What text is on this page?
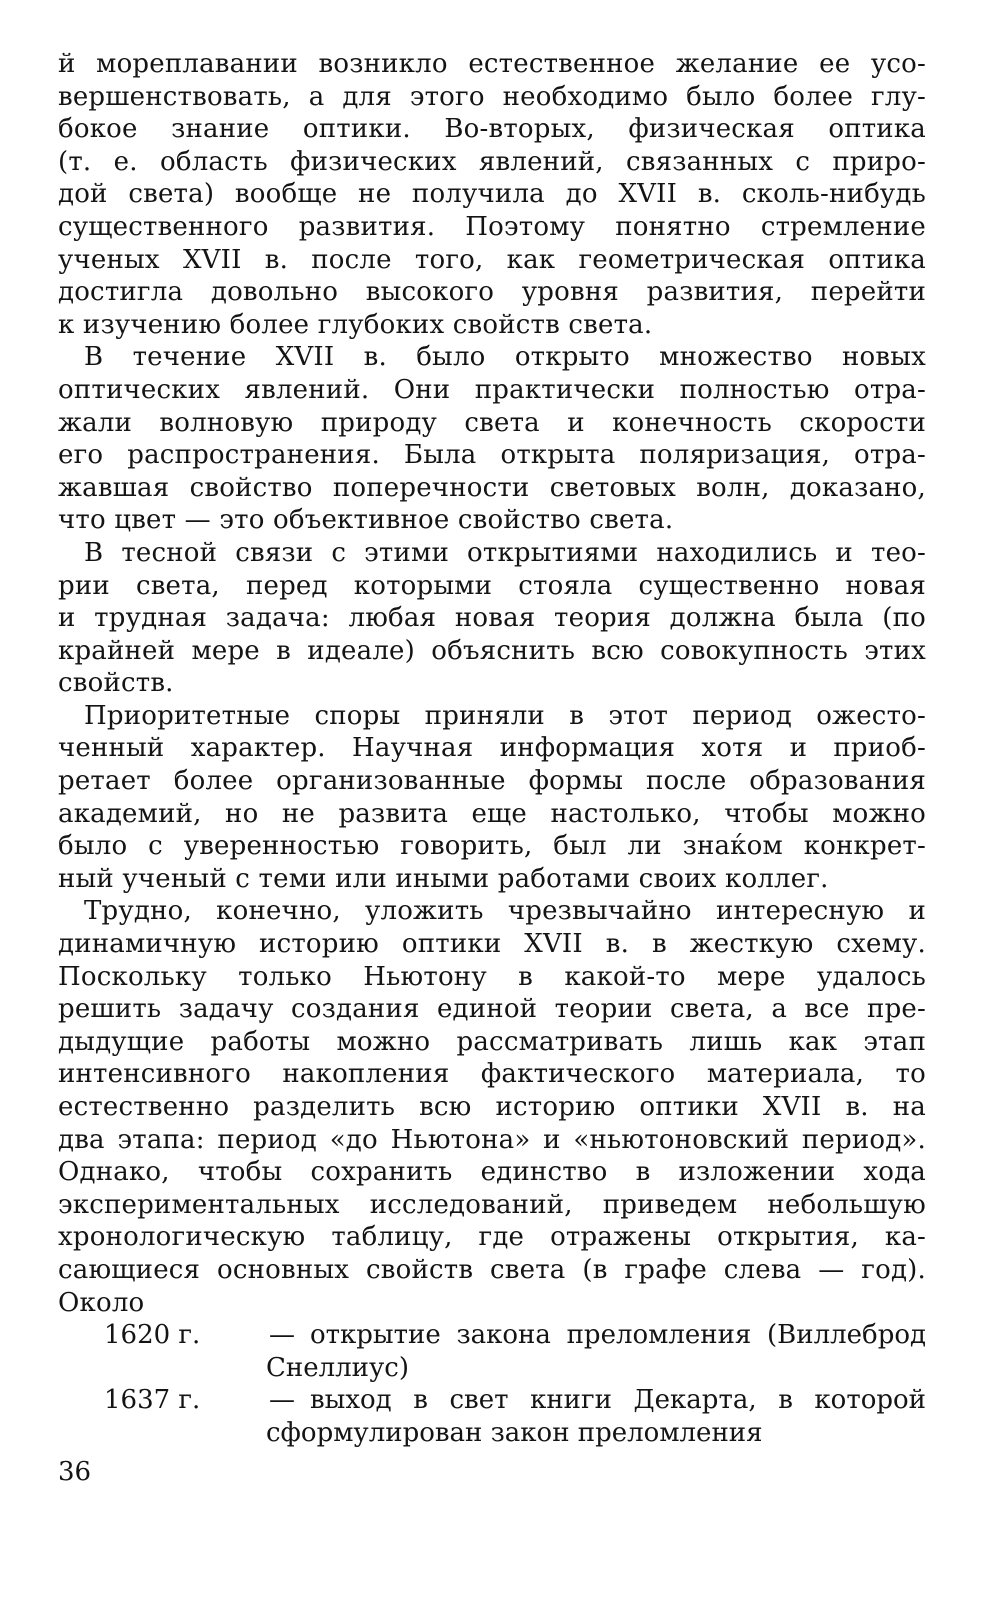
й мореплавании возникло естественное желание ее усо-
вершенствовать, а для этого необходимо было более глу-
бокое знание оптики. Во-вторых, физическая оптика
(т. е. область физических явлений, связанных с приро-
дой света) вообще не получила до XVII в. сколь-нибудь
существенного развития. Поэтому понятно стремление
ученых XVII в. после того, как геометрическая оптика
достигла довольно высокого уровня развития, перейти
к изучению более глубоких свойств света.
В течение XVII в. было открыто множество новых
оптических явлений. Они практически полностью отра-
жали волновую природу света и конечность скорости
его распространения. Была открыта поляризация, отра-
жавшая свойство поперечности световых волн, доказано,
что цвет — это объективное свойство света.
В тесной связи с этими открытиями находились и тео-
рии света, перед которыми стояла существенно новая
и трудная задача: любая новая теория должна была (по
крайней мере в идеале) объяснить всю совокупность этих
свойств.
Приоритетные споры приняли в этот период ожесто-
ченный характер. Научная информация хотя и приоб-
ретает более организованные формы после образования
академий, но не развита еще настолько, чтобы можно
было с уверенностью говорить, был ли знаќом конкрет-
ный ученый с теми или иными работами своих коллег.
Трудно, конечно, уложить чрезвычайно интересную и
динамичную историю оптики XVII в. в жесткую схему.
Поскольку только Ньютону в какой-то мере удалось
решить задачу создания единой теории света, а все пре-
дыдущие работы можно рассматривать лишь как этап
интенсивного накопления фактического материала, то
естественно разделить всю историю оптики XVII в. на
два этапа: период «до Ньютона» и «ньютоновский период».
Однако, чтобы сохранить единство в изложении хода
экспериментальных исследований, приведем небольшую
хронологическую таблицу, где отражены открытия, ка-
сающиеся основных свойств света (в графе слева — год).
Около
1620 г.	— открытие закона преломления (Виллеброд
Снеллиус)
1637 г.	— выход в свет книги Декарта, в которой
сформулирован закон преломления
36
